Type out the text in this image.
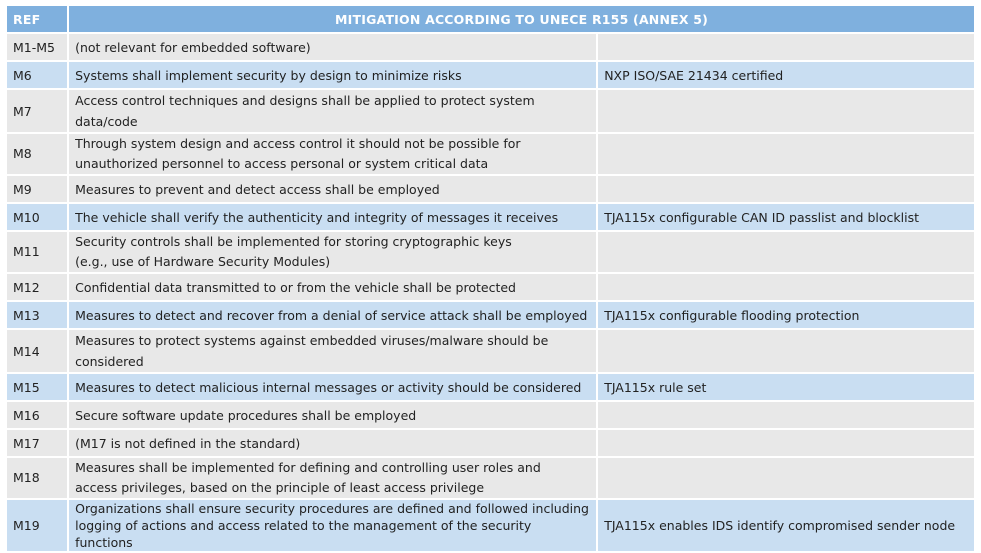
REF	MITIGATION ACCORDING TO UNECE R155 (ANNEX 5)	
M1-M5	(not relevant for embedded software)	
M6	Systems shall implement security by design to minimize risks	NXP ISO/SAE 21434 certified
M7	Access control techniques and designs shall be applied to protect system data/code	
M8	Through system design and access control it should not be possible for
unauthorized personnel to access personal or system critical data	

M9	Measures to prevent and detect access shall be employed	
M10	The vehicle shall verify the authenticity and integrity of messages it receives	TJA115x configurable CAN ID passlist and blocklist
M11	Security controls shall be implemented for storing cryptographic keys
(e.g., use of Hardware Security Modules)	

M12	Confidential data transmitted to or from the vehicle shall be protected	
M13	Measures to detect and recover from a denial of service attack shall be employed	TJA115x configurable flooding protection
M14	Measures to protect systems against embedded viruses/malware should be considered	
M15	Measures to detect malicious internal messages or activity should be considered	TJA115x rule set
M16	Secure software update procedures shall be employed	
M17	(M17 is not defined in the standard)	
M18	Measures shall be implemented for defining and controlling user roles and
access privileges, based on the principle of least access privilege	

M19	Organizations shall ensure security procedures are defined and followed including
logging of actions and access related to the management of the security functions	TJA115x enables IDS identify compromised sender node
